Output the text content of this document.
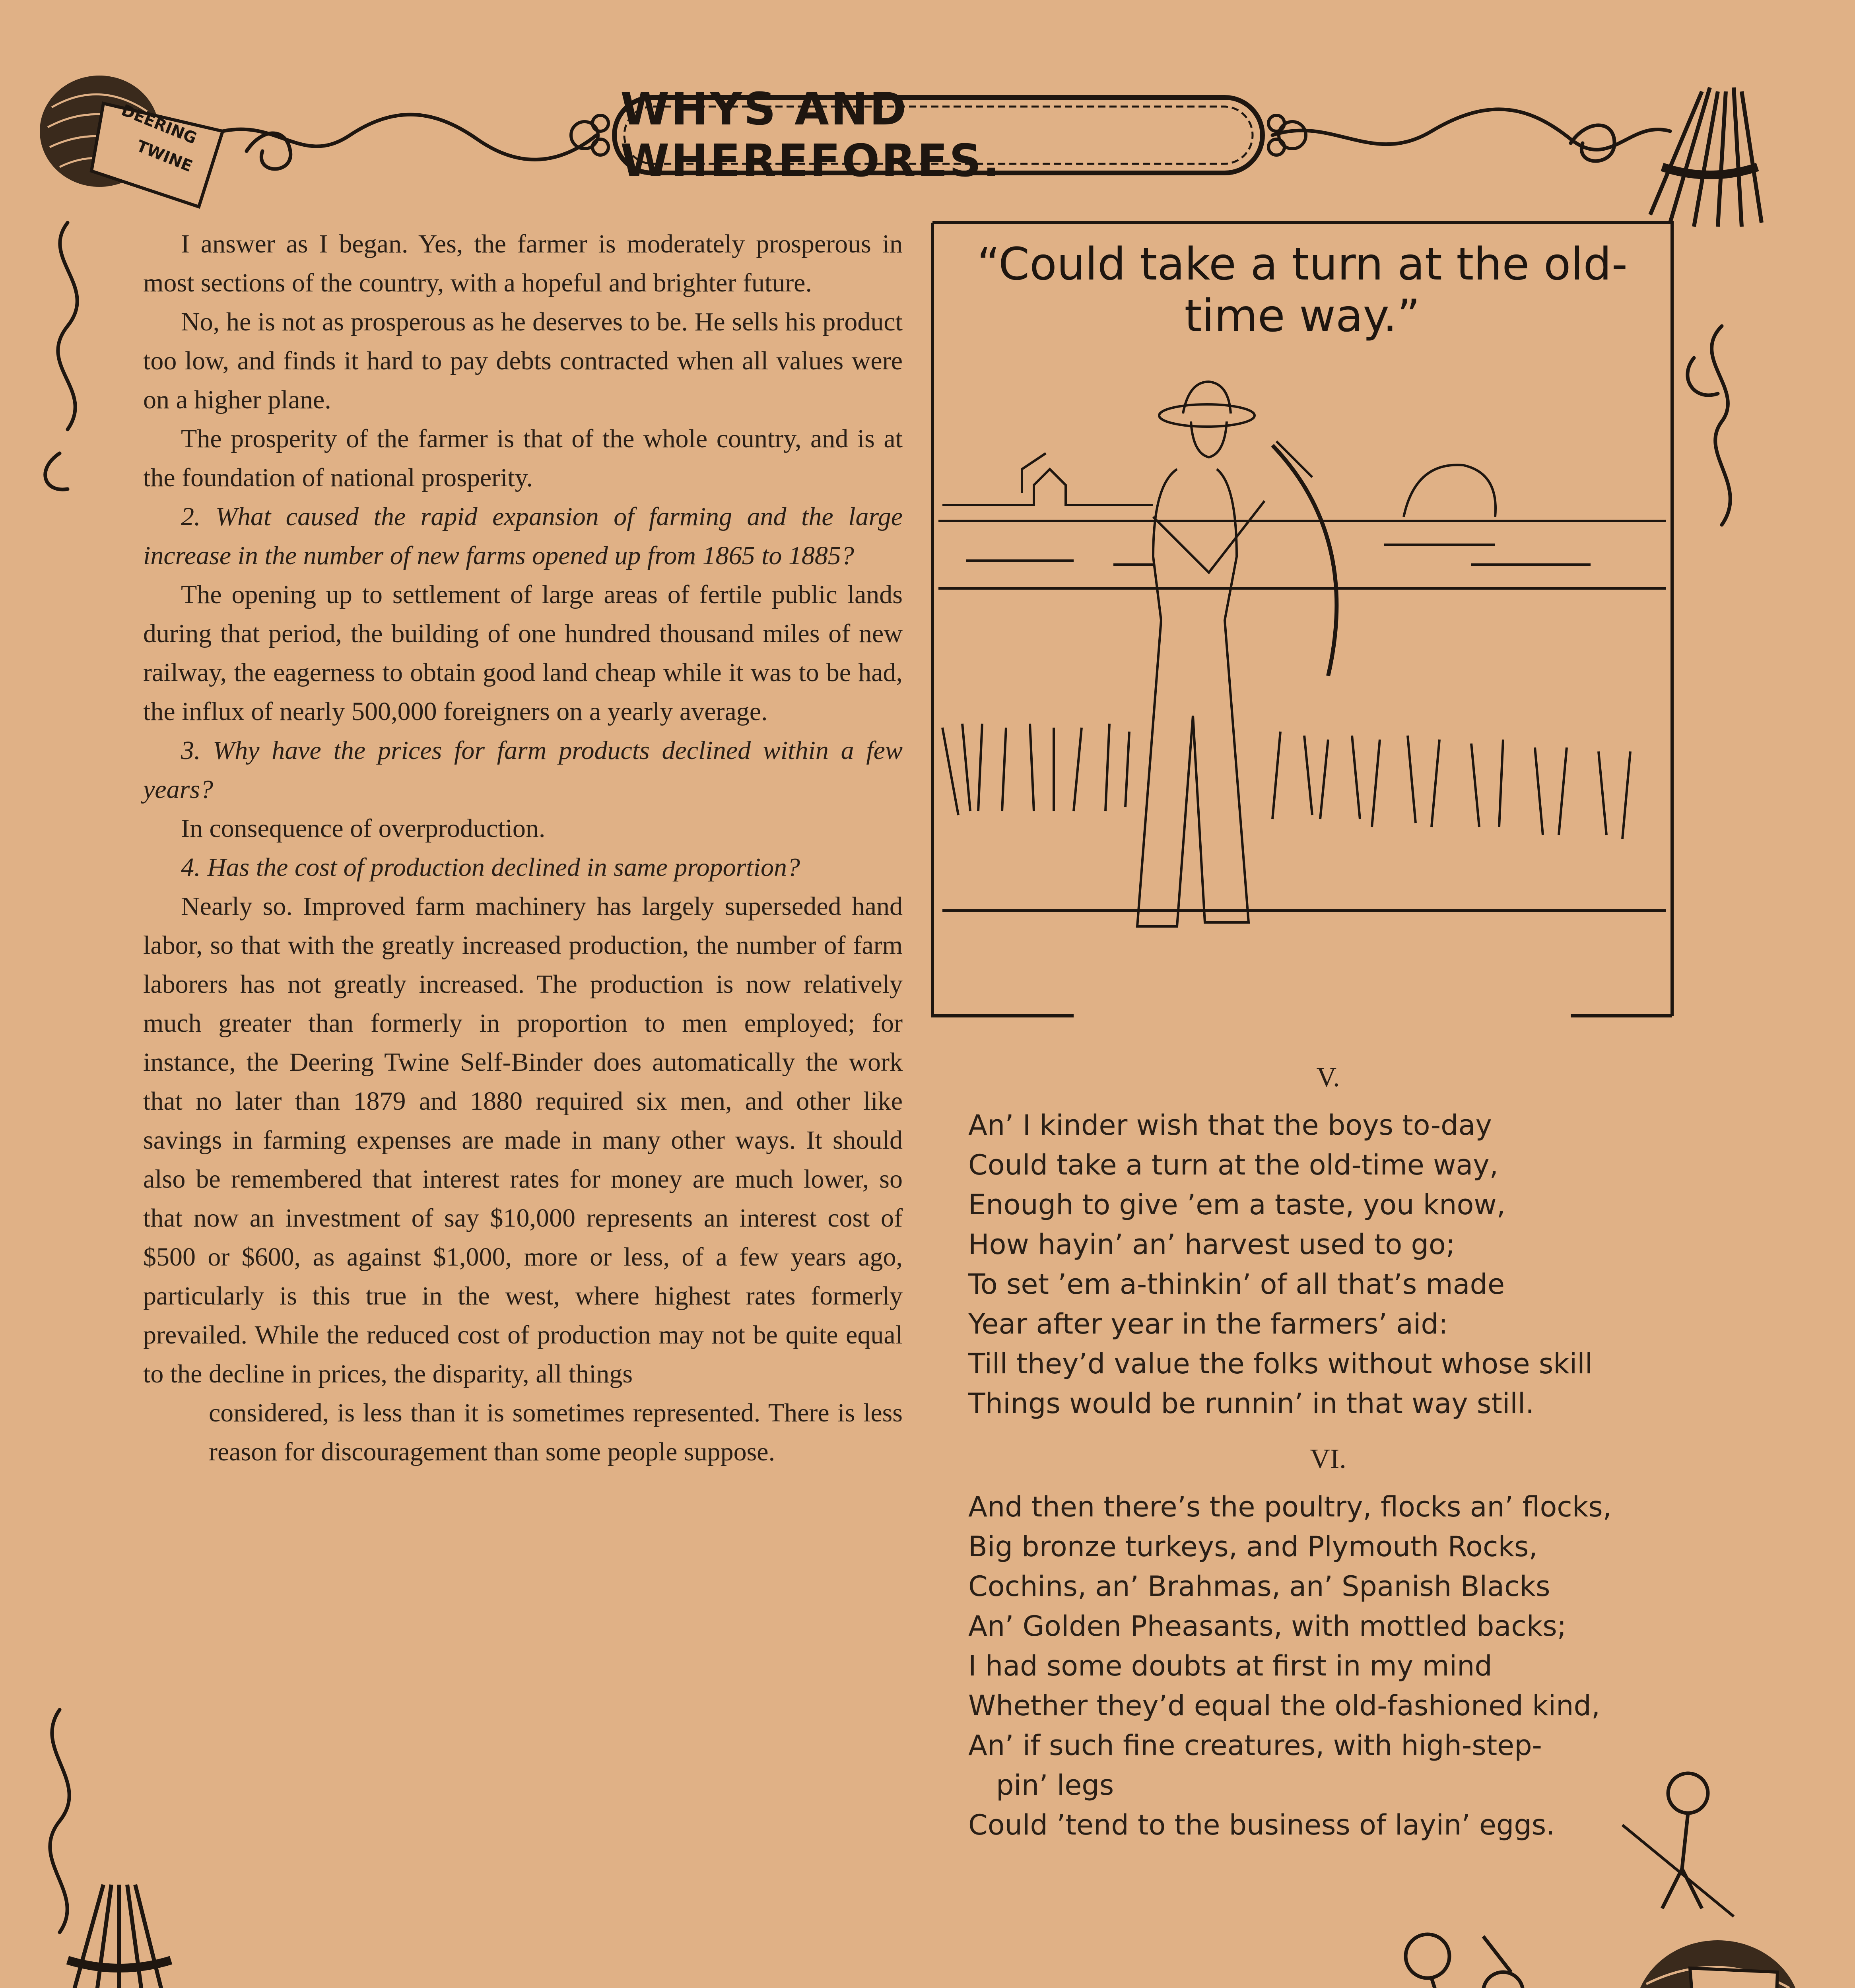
WHYS AND WHEREFORES.
DEERING
TWINE
“Could take a turn at the old-time way.”

I answer as I began. Yes, the farmer is moderately prosperous in most sections of the country, with a hopeful and brighter future.

No, he is not as prosperous as he deserves to be. He sells his product too low, and finds it hard to pay debts contracted when all values were on a higher plane.

The prosperity of the farmer is that of the whole country, and is at the foundation of national prosperity.

2. What caused the rapid expansion of farming and the large increase in the number of new farms opened up from 1865 to 1885?

The opening up to settlement of large areas of fertile public lands during that period, the building of one hundred thousand miles of new railway, the eagerness to obtain good land cheap while it was to be had, the influx of nearly 500,000 foreigners on a yearly average.

3. Why have the prices for farm products declined within a few years?

In consequence of overproduction.

4. Has the cost of production declined in same proportion?

Nearly so. Improved farm machinery has largely superseded hand labor, so that with the greatly increased production, the number of farm laborers has not greatly increased. The production is now relatively much greater than formerly in proportion to men employed; for instance, the Deering Twine Self-Binder does automatically the work that no later than 1879 and 1880 required six men, and other like savings in farming expenses are made in many other ways. It should also be remembered that interest rates for money are much lower, so that now an investment of say $10,000 represents an interest cost of $500 or $600, as against $1,000, more or less, of a few years ago, particularly is this true in the west, where highest rates formerly prevailed. While the reduced cost of production may not be quite equal to the decline in prices, the disparity, all things

considered, is less than it is sometimes represented. There is less reason for discouragement than some people suppose.

V.
An’ I kinder wish that the boys to-day
Could take a turn at the old-time way,
Enough to give ’em a taste, you know,
How hayin’ an’ harvest used to go;
To set ’em a-thinkin’ of all that’s made
Year after year in the farmers’ aid:
Till they’d value the folks without whose skill
Things would be runnin’ in that way still.
VI.
And then there’s the poultry, flocks an’ flocks,
Big bronze turkeys, and Plymouth Rocks,
Cochins, an’ Brahmas, an’ Spanish Blacks
An’ Golden Pheasants, with mottled backs;
I had some doubts at first in my mind
Whether they’d equal the old-fashioned kind,
An’ if such fine creatures, with high-step-
pin’ legs
Could ’tend to the business of layin’ eggs.
